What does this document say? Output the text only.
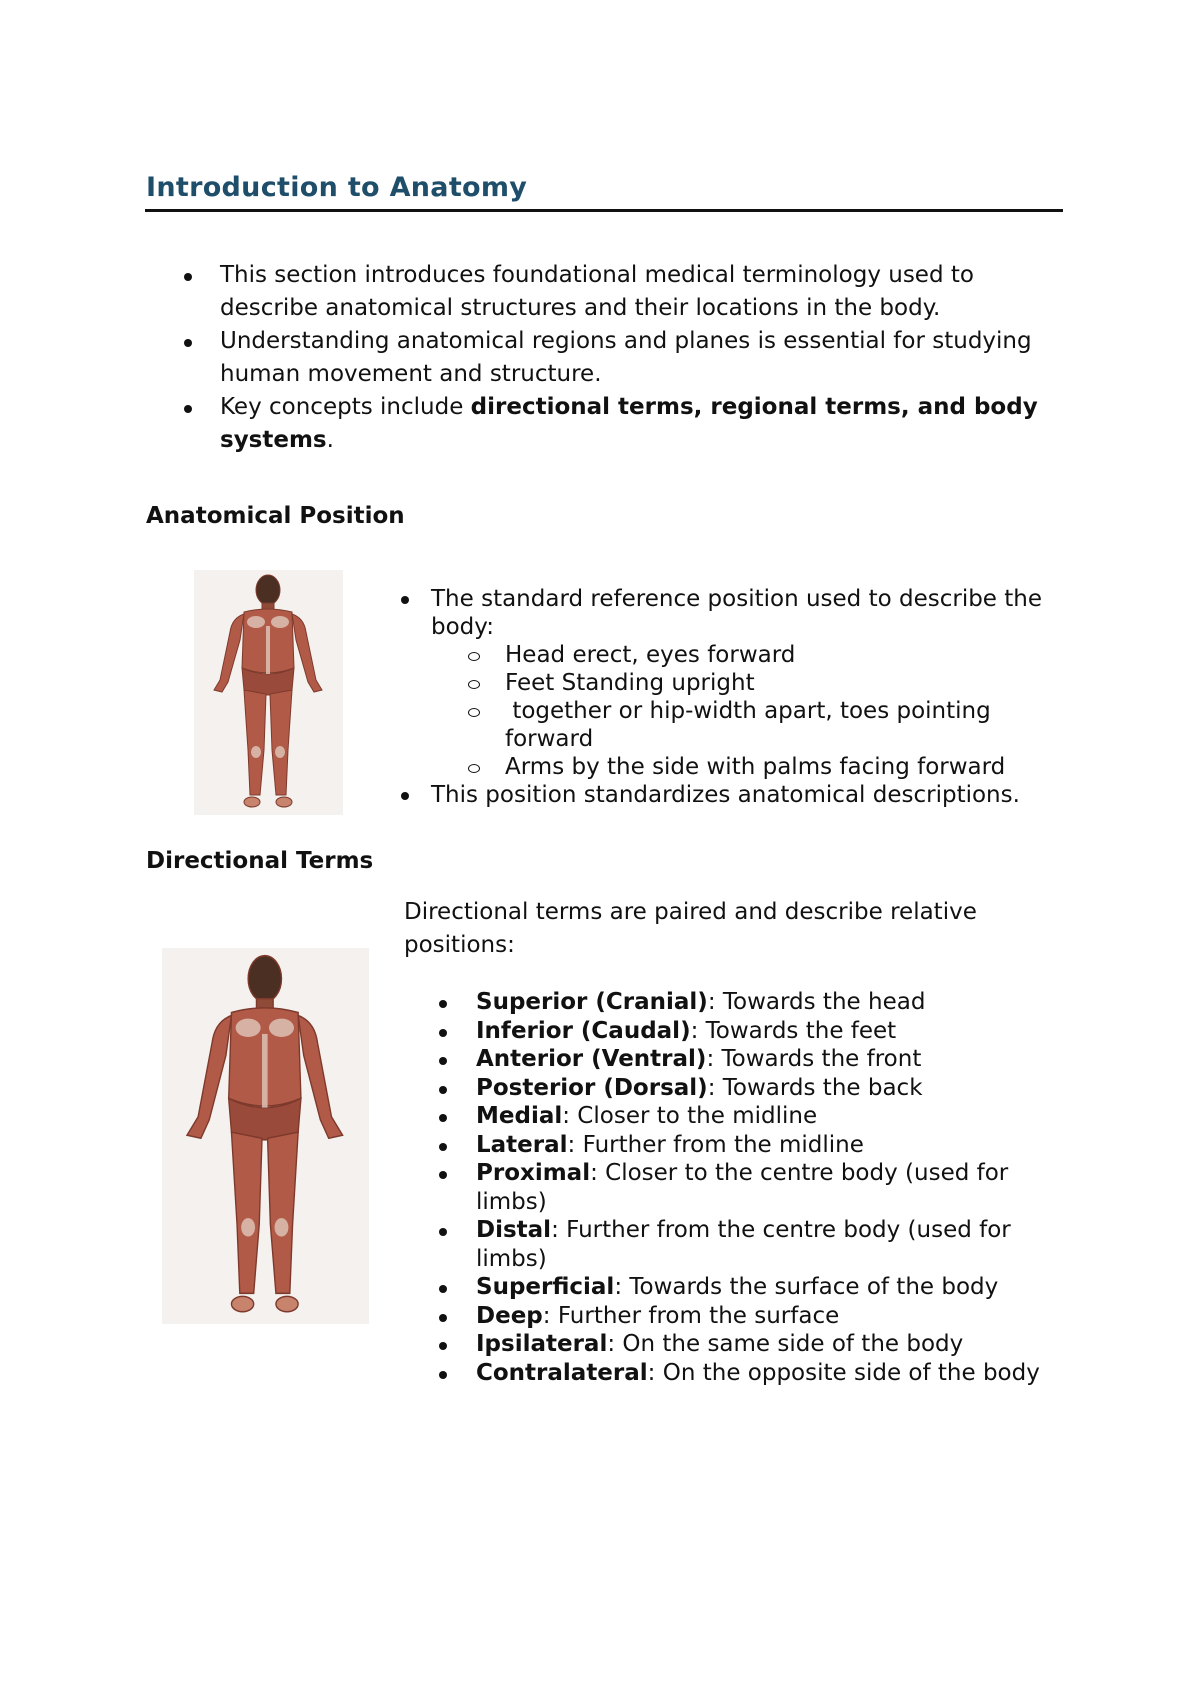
Introduction to Anatomy
This section introduces foundational medical terminology used to describe anatomical structures and their locations in the body.
Understanding anatomical regions and planes is essential for studying human movement and structure.
Key concepts include directional terms, regional terms, and body systems.
Anatomical Position
The standard reference position used to describe the body:
Head erect, eyes forward
Feet Standing upright
together or hip-width apart, toes pointing forward
Arms by the side with palms facing forward
This position standardizes anatomical descriptions.
Directional Terms

Directional terms are paired and describe relative positions:

Superior (Cranial): Towards the head
Inferior (Caudal): Towards the feet
Anterior (Ventral): Towards the front
Posterior (Dorsal): Towards the back
Medial: Closer to the midline
Lateral: Further from the midline
Proximal: Closer to the centre body (used for limbs)
Distal: Further from the centre body (used for limbs)
Superficial: Towards the surface of the body
Deep: Further from the surface
Ipsilateral: On the same side of the body
Contralateral: On the opposite side of the body
